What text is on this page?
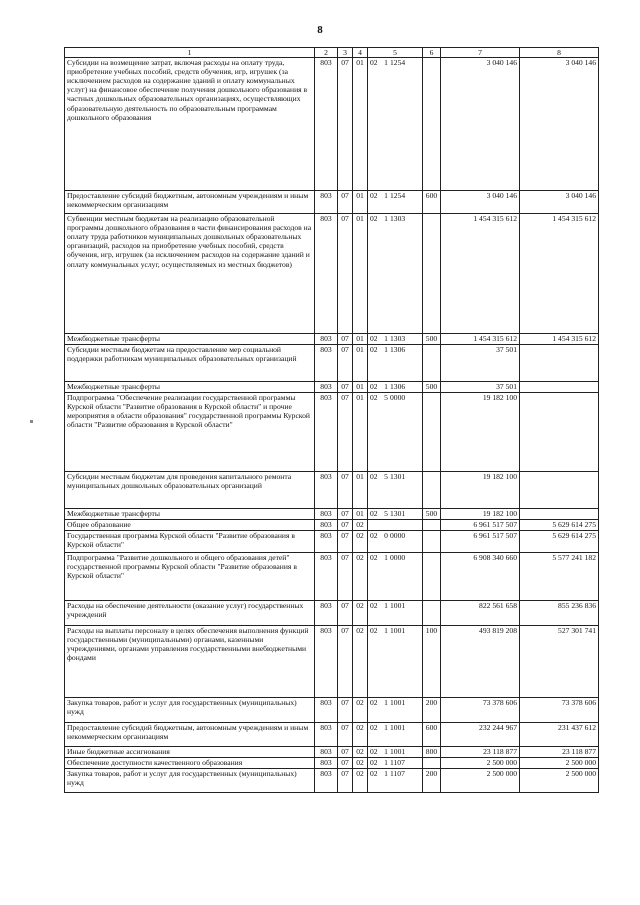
8
1	2	3	4	5	6	7	8
Субсидии на возмещение затрат, включая расходы на оплату труда, приобретение учебных пособий, средств обучения, игр, игрушек (за исключением расходов на содержание зданий и оплату коммунальных услуг) на финансовое обеспечение получения дошкольного образования в частных дошкольных образовательных организациях, осуществляющих образовательную деятельность по образовательным программам дошкольного образования	803	07	01	02 1 1254		3 040 146	3 040 146
Предоставление субсидий бюджетным, автономным учреждениям и иным некоммерческим организациям	803	07	01	02 1 1254	600	3 040 146	3 040 146
Субвенции местным бюджетам на реализацию образовательной программы дошкольного образования в части финансирования расходов на оплату труда работников муниципальных дошкольных образовательных организаций, расходов на приобретение учебных пособий, средств обучения, игр, игрушек (за исключением расходов на содержание зданий и оплату коммунальных услуг, осуществляемых из местных бюджетов)	803	07	01	02 1 1303		1 454 315 612	1 454 315 612
Межбюджетные трансферты	803	07	01	02 1 1303	500	1 454 315 612	1 454 315 612
Субсидии местным бюджетам на предоставление мер социальной поддержки работникам муниципальных образовательных организаций	803	07	01	02 1 1306		37 501	
Межбюджетные трансферты	803	07	01	02 1 1306	500	37 501	
Подпрограмма "Обеспечение реализации государственной программы Курской области "Развитие образования в Курской области" и прочие мероприятия в области образования" государственной программы Курской области "Развитие образования в Курской области"	803	07	01	02 5 0000		19 182 100	
Субсидии местным бюджетам для проведения капитального ремонта муниципальных дошкольных образовательных организаций	803	07	01	02 5 1301		19 182 100	
Межбюджетные трансферты	803	07	01	02 5 1301	500	19 182 100	
Общее образование	803	07	02			6 961 517 507	5 629 614 275
Государственная программа Курской области "Развитие образования в Курской области"	803	07	02	02 0 0000		6 961 517 507	5 629 614 275
Подпрограмма "Развитие дошкольного и общего образования детей" государственной программы Курской области "Развитие образования в Курской области"	803	07	02	02 1 0000		6 908 340 660	5 577 241 182
Расходы на обеспечение деятельности (оказание услуг) государственных учреждений	803	07	02	02 1 1001		822 561 658	855 236 836
Расходы на выплаты персоналу в целях обеспечения выполнения функций государственными (муниципальными) органами, казенными учреждениями, органами управления государственными внебюджетными фондами	803	07	02	02 1 1001	100	493 819 208	527 301 741
Закупка товаров, работ и услуг для государственных (муниципальных) нужд	803	07	02	02 1 1001	200	73 378 606	73 378 606
Предоставление субсидий бюджетным, автономным учреждениям и иным некоммерческим организациям	803	07	02	02 1 1001	600	232 244 967	231 437 612
Иные бюджетные ассигнования	803	07	02	02 1 1001	800	23 118 877	23 118 877
Обеспечение доступности качественного образования	803	07	02	02 1 1107		2 500 000	2 500 000
Закупка товаров, работ и услуг для государственных (муниципальных) нужд	803	07	02	02 1 1107	200	2 500 000	2 500 000
